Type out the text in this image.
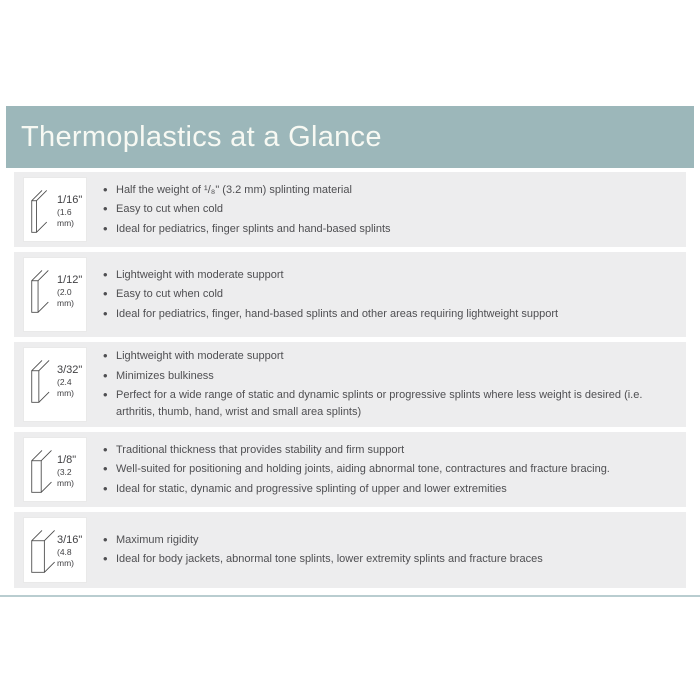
Thermoplastics at a Glance
1/16"
(1.6 mm)
• Half the weight of ¹/₈" (3.2 mm) splinting material
• Easy to cut when cold
• Ideal for pediatrics, finger splints and hand-based splints
1/12"
(2.0 mm)
• Lightweight with moderate support
• Easy to cut when cold
• Ideal for pediatrics, finger, hand-based splints and other areas requiring lightweight support
3/32"
(2.4 mm)
• Lightweight with moderate support
• Minimizes bulkiness
• Perfect for a wide range of static and dynamic splints or progressive splints where less weight is desired (i.e. arthritis, thumb, hand, wrist and small area splints)
1/8"
(3.2 mm)
• Traditional thickness that provides stability and firm support
• Well-suited for positioning and holding joints, aiding abnormal tone, contractures and fracture bracing.
• Ideal for static, dynamic and progressive splinting of upper and lower extremities
3/16"
(4.8 mm)
• Maximum rigidity
• Ideal for body jackets, abnormal tone splints, lower extremity splints and fracture braces
